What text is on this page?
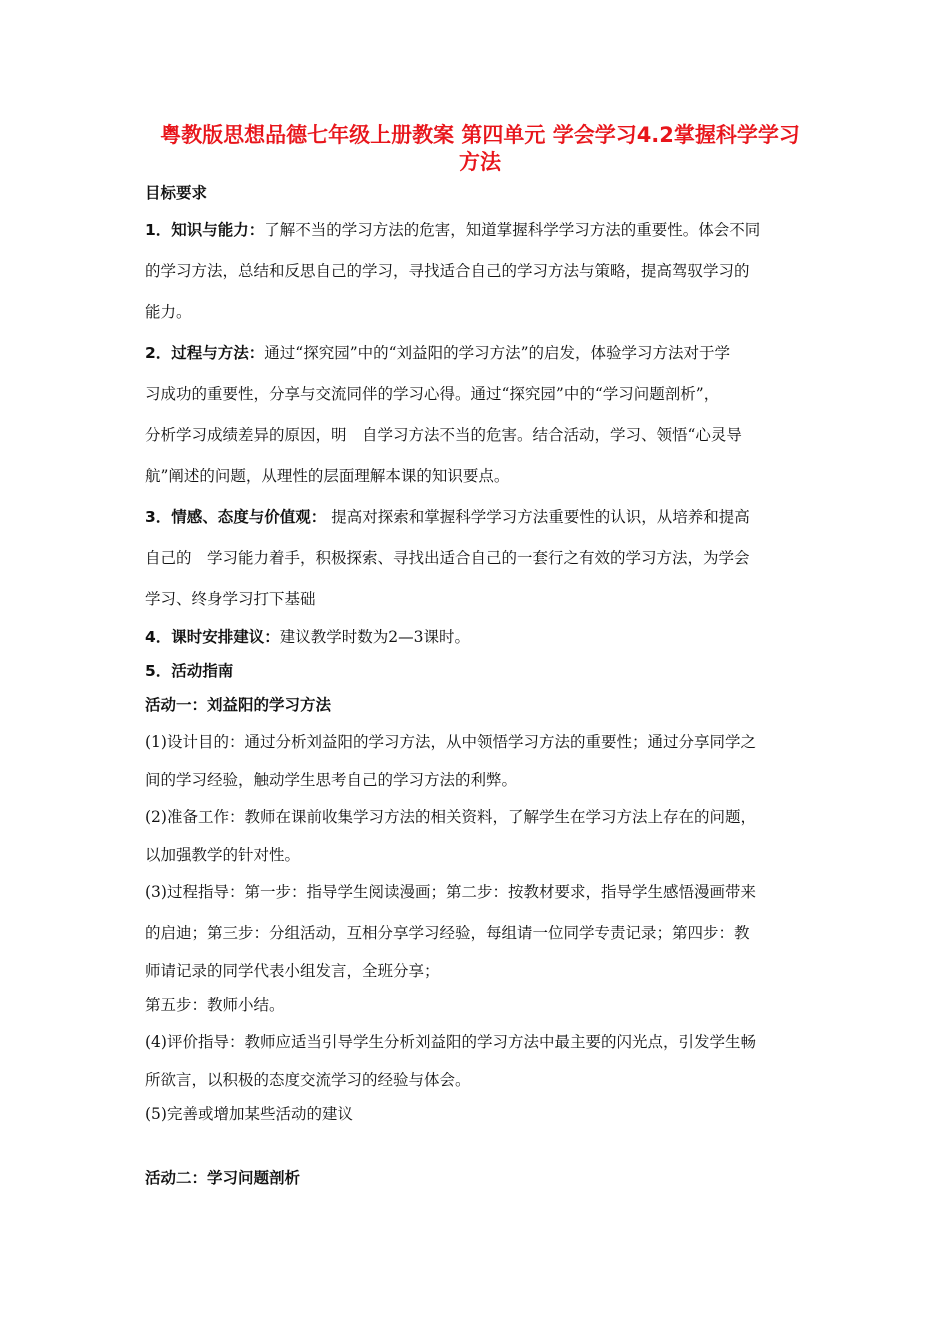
粤教版思想品德七年级上册教案 第四单元 学会学习4.2掌握科学学习方法
目标要求
1．知识与能力：了解不当的学习方法的危害，知道掌握科学学习方法的重要性。体会不同
的学习方法，总结和反思自己的学习，寻找适合自己的学习方法与策略，提高驾驭学习的
能力。
2．过程与方法：通过“探究园”中的“刘益阳的学习方法”的启发，体验学习方法对于学
习成功的重要性，分享与交流同伴的学习心得。通过“探究园”中的“学习问题剖析”，
分析学习成绩差异的原因，明　自学习方法不当的危害。结合活动，学习、领悟“心灵导
航”阐述的问题，从理性的层面理解本课的知识要点。
3．情感、态度与价值观： 提高对探索和掌握科学学习方法重要性的认识，从培养和提高
自己的　学习能力着手，积极探索、寻找出适合自己的一套行之有效的学习方法，为学会
学习、终身学习打下基础
4．课时安排建议：建议教学时数为2—3课时。
5．活动指南
活动一：刘益阳的学习方法
(1)设计目的：通过分析刘益阳的学习方法，从中领悟学习方法的重要性；通过分享同学之
间的学习经验，触动学生思考自己的学习方法的利弊。
(2)准备工作：教师在课前收集学习方法的相关资料，了解学生在学习方法上存在的问题，
以加强教学的针对性。
(3)过程指导：第一步：指导学生阅读漫画；第二步：按教材要求，指导学生感悟漫画带来
的启迪；第三步：分组活动，互相分享学习经验，每组请一位同学专责记录；第四步：教
师请记录的同学代表小组发言，全班分享；
第五步：教师小结。
(4)评价指导：教师应适当引导学生分析刘益阳的学习方法中最主要的闪光点，引发学生畅
所欲言，以积极的态度交流学习的经验与体会。
(5)完善或增加某些活动的建议
活动二：学习问题剖析
